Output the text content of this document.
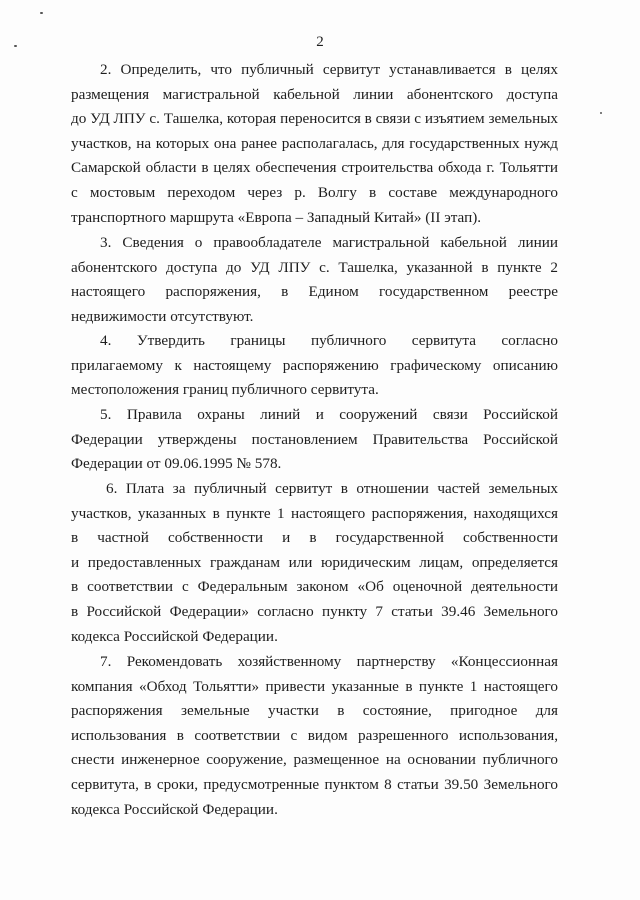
2
2. Определить, что публичный сервитут устанавливается в целях
размещения магистральной кабельной линии абонентского доступа
до УД ЛПУ с. Ташелка, которая переносится в связи с изъятием земельных
участков, на которых она ранее располагалась, для государственных нужд
Самарской области в целях обеспечения строительства обхода г. Тольятти
с мостовым переходом через р. Волгу в составе международного
транспортного маршрута «Европа – Западный Китай» (II этап).
3. Сведения о правообладателе магистральной кабельной линии
абонентского доступа до УД ЛПУ с. Ташелка, указанной в пункте 2
настоящего распоряжения, в Едином государственном реестре
недвижимости отсутствуют.
4. Утвердить границы публичного сервитута согласно
прилагаемому к настоящему распоряжению графическому описанию
местоположения границ публичного сервитута.
5. Правила охраны линий и сооружений связи Российской
Федерации утверждены постановлением Правительства Российской
Федерации от 09.06.1995 № 578.
6. Плата за публичный сервитут в отношении частей земельных
участков, указанных в пункте 1 настоящего распоряжения, находящихся
в частной собственности и в государственной собственности
и предоставленных гражданам или юридическим лицам, определяется
в соответствии с Федеральным законом «Об оценочной деятельности
в Российской Федерации» согласно пункту 7 статьи 39.46 Земельного
кодекса Российской Федерации.
7. Рекомендовать хозяйственному партнерству «Концессионная
компания «Обход Тольятти» привести указанные в пункте 1 настоящего
распоряжения земельные участки в состояние, пригодное для
использования в соответствии с видом разрешенного использования,
снести инженерное сооружение, размещенное на основании публичного
сервитута, в сроки, предусмотренные пунктом 8 статьи 39.50 Земельного
кодекса Российской Федерации.
